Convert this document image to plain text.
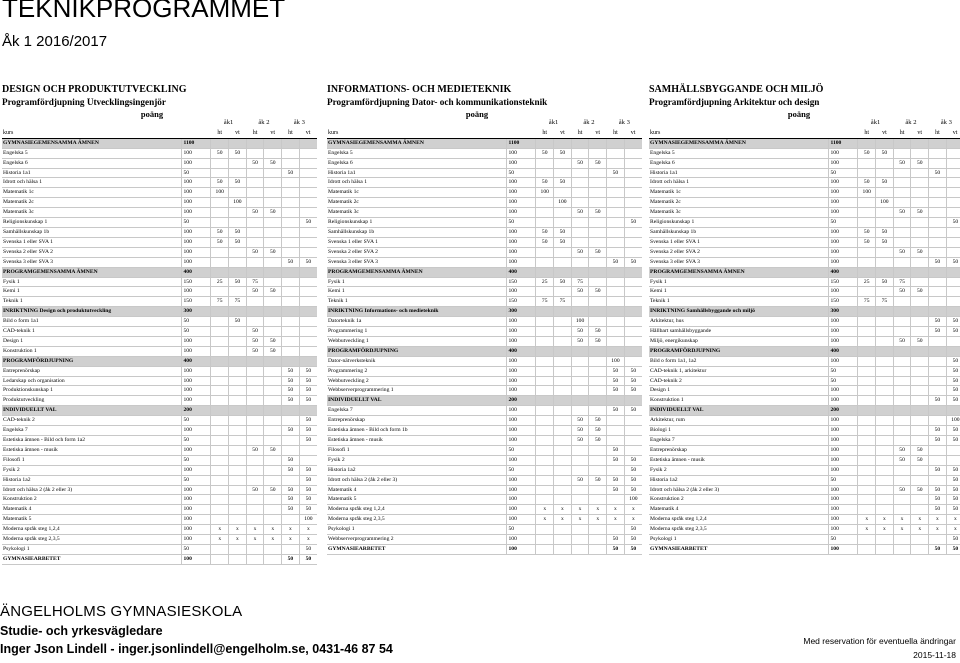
TEKNIKPROGRAMMET
Åk 1 2016/2017
DESIGN OCH PRODUKTUTVECKLING
Programfördjupning Utvecklingsingenjör
poäng
		åk1		åk 2		åk 3	
kurs		ht	vt	ht	vt	ht	vt
GYMNASIEGEMENSAMMA ÄMNEN	1100						
Engelska 5	100	50	50				
Engelska 6	100			50	50		
Historia 1a1	50					50	
Idrott och hälsa 1	100	50	50				
Matematik 1c	100	100					
Matematik 2c	100		100				
Matematik 3c	100			50	50		
Religionskunskap 1	50						50
Samhällskunskap 1b	100	50	50				
Svenska 1 eller SVA 1	100	50	50				
Svenska 2 eller SVA 2	100			50	50		
Svenska 3 eller SVA 3	100					50	50
PROGRAMGEMENSAMMA ÄMNEN	400						
Fysik 1	150	25	50	75			
Kemi 1	100			50	50		
Teknik 1	150	75	75				
INRIKTNING Design och produktutveckling	300						
Bild o form 1a1	50		50				
CAD-teknik 1	50			50			
Design 1	100			50	50		
Konstruktion 1	100			50	50		
PROGRAMFÖRDJUPNING	400						
Entreprenörskap	100					50	50
Ledarskap och organisation	100					50	50
Produktionskunskap 1	100					50	50
Produktutveckling	100					50	50
INDIVIDUELLT VAL	200						
CAD-teknik 2	50						50
Engelska 7	100					50	50
Estetiska ämnen - Bild och form 1a2	50						50
Estetiska ämnen - musik	100			50	50		
Filosofi 1	50					50	
Fysik 2	100					50	50
Historia 1a2	50						50
Idrott och hälsa 2 (åk 2 eller 3)	100			50	50	50	50
Konstruktion 2	100					50	50
Matematik 4	100					50	50
Matematik 5	100						100
Moderna språk steg 1,2,4	100	x	x	x	x	x	x
Moderna språk steg 2,3,5	100	x	x	x	x	x	x
Psykologi 1	50						50
GYMNASIEARBETET	100					50	50
INFORMATIONS- OCH MEDIETEKNIK
Programfördjupning Dator- och kommunikationsteknik
poäng
		åk1		åk 2		åk 3	
kurs		ht	vt	ht	vt	ht	vt
GYMNASIEGEMENSAMMA ÄMNEN	1100						
Engelska 5	100	50	50				
Engelska 6	100			50	50		
Historia 1a1	50					50	
Idrott och hälsa 1	100	50	50				
Matematik 1c	100	100					
Matematik 2c	100		100				
Matematik 3c	100			50	50		
Religionskunskap 1	50						50
Samhällskunskap 1b	100	50	50				
Svenska 1 eller SVA 1	100	50	50				
Svenska 2 eller SVA 2	100			50	50		
Svenska 3 eller SVA 3	100					50	50
PROGRAMGEMENSAMMA ÄMNEN	400						
Fysik 1	150	25	50	75			
Kemi 1	100			50	50		
Teknik 1	150	75	75				
INRIKTNING Informations- och medieteknik	300						
Datorteknik 1a	100			100			
Programmering 1	100			50	50		
Webbutveckling 1	100			50	50		
PROGRAMFÖRDJUPNING	400						
Dator-nätverksteknik	100					100	
Programmering 2	100					50	50
Webbutveckling 2	100					50	50
Webbserverprogrammering 1	100					50	50
INDIVIDUELLT VAL	200						
Engelska 7	100					50	50
Entreprenörskap	100			50	50		
Estetiska ämnen - Bild och form 1b	100			50	50		
Estetiska ämnen - musik	100			50	50		
Filosofi 1	50					50	
Fysik 2	100					50	50
Historia 1a2	50						50
Idrott och hälsa 2 (åk 2 eller 3)	100			50	50	50	50
Matematik 4	100					50	50
Matematik 5	100						100
Moderna språk steg 1,2,4	100	x	x	x	x	x	x
Moderna språk steg 2,3,5	100	x	x	x	x	x	x
Psykologi 1	50						50
Webbserverprogrammering 2	100					50	50
GYMNASIEARBETET	100					50	50
SAMHÄLLSBYGGANDE OCH MILJÖ
Programfördjupning Arkitektur och design
poäng
		åk1		åk 2		åk 3	
kurs		ht	vt	ht	vt	ht	vt
GYMNASIEGEMENSAMMA ÄMNEN	1100						
Engelska 5	100	50	50				
Engelska 6	100			50	50		
Historia 1a1	50					50	
Idrott och hälsa 1	100	50	50				
Matematik 1c	100	100					
Matematik 2c	100		100				
Matematik 3c	100			50	50		
Religionskunskap 1	50						50
Samhällskunskap 1b	100	50	50				
Svenska 1 eller SVA 1	100	50	50				
Svenska 2 eller SVA 2	100			50	50		
Svenska 3 eller SVA 3	100					50	50
PROGRAMGEMENSAMMA ÄMNEN	400						
Fysik 1	150	25	50	75			
Kemi 1	100			50	50		
Teknik 1	150	75	75				
INRIKTNING Samhällsbyggande och miljö	300						
Arkitektur, hus	100					50	50
Hållbart samhällsbyggande	100					50	50
Miljö, energikunskap	100			50	50		
PROGRAMFÖRDJUPNING	400						
Bild o form 1a1, 1a2	100						50
CAD-teknik 1, arkitektur	50						50
CAD-teknik 2	50						50
Design 1	100						50
Konstruktion 1	100					50	50
INDIVIDUELLT VAL	200						
Arkitektur, rum	100						100
Biologi 1	100					50	50
Engelska 7	100					50	50
Entreprenörskap	100			50	50		
Estetiska ämnen - musik	100			50	50		
Fysik 2	100					50	50
Historia 1a2	50						50
Idrott och hälsa 2 (åk 2 eller 3)	100			50	50	50	50
Konstruktion 2	100					50	50
Matematik 4	100					50	50
Moderna språk steg 1,2,4	100	x	x	x	x	x	x
Moderna språk steg 2,3,5	100	x	x	x	x	x	x
Psykologi 1	50						50
GYMNASIEARBETET	100					50	50
ÄNGELHOLMS GYMNASIESKOLA
Studie- och yrkesvägledare
Inger Json Lindell - inger.jsonlindell@engelholm.se, 0431-46 87 54
Med reservation för eventuella ändringar
2015-11-18
